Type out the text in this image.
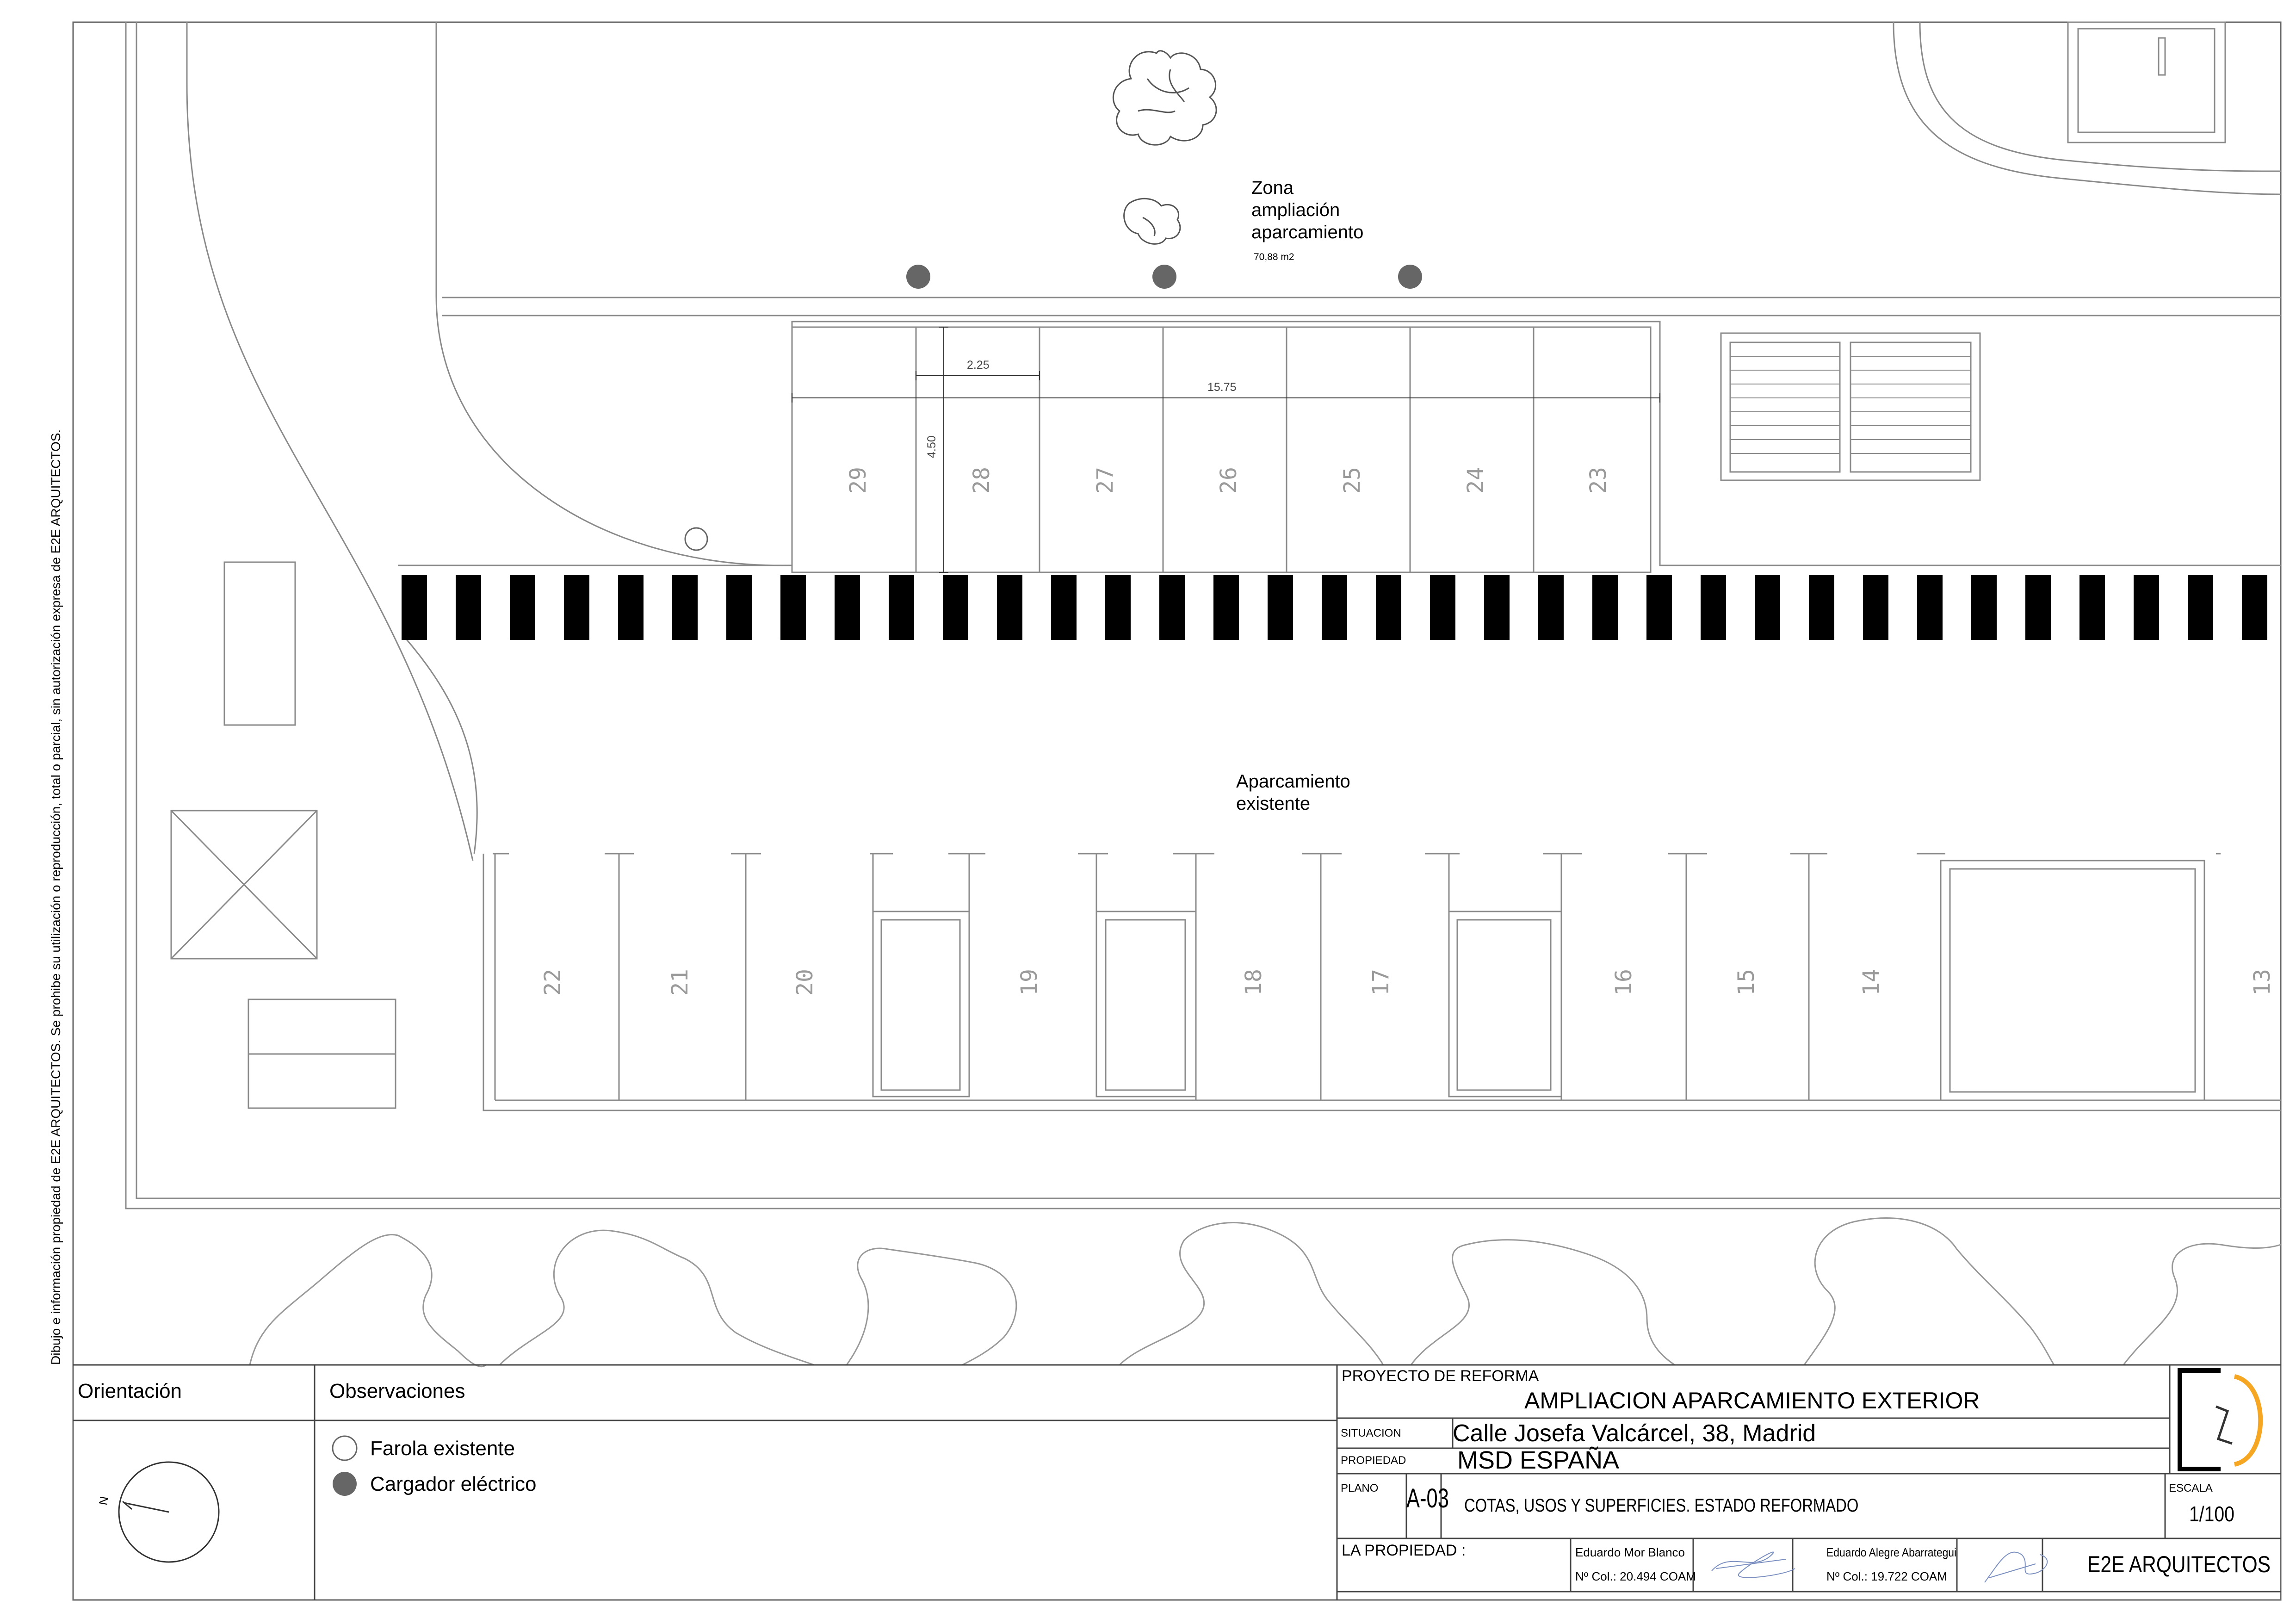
Dibujo e información propiedad de E2E ARQUITECTOS. Se prohibe su utilización o reproducción, total o parcial, sin autorización expresa de E2E ARQUITECTOS.
Zona
ampliación
aparcamiento
70,88 m2
Aparcamiento
existente
2.25
15.75
4.50
29	28	27	26	25	24	23
22	21	20	19	18	17	16	15	14	13
Orientación
N
Observaciones
Farola existente
Cargador eléctrico
PROYECTO DE REFORMA
AMPLIACION APARCAMIENTO EXTERIOR
SITUACION Calle Josefa Valcárcel, 38, Madrid
PROPIEDAD MSD ESPAÑA
PLANO A-03 COTAS, USOS Y SUPERFICIES. ESTADO REFORMADO
ESCALA
1/100
LA PROPIEDAD :	Eduardo Mor Blanco
Nº Col.: 20.494 COAM
Eduardo Alegre Abarrategui
Nº Col.: 19.722 COAM	E2E ARQUITECTOS
